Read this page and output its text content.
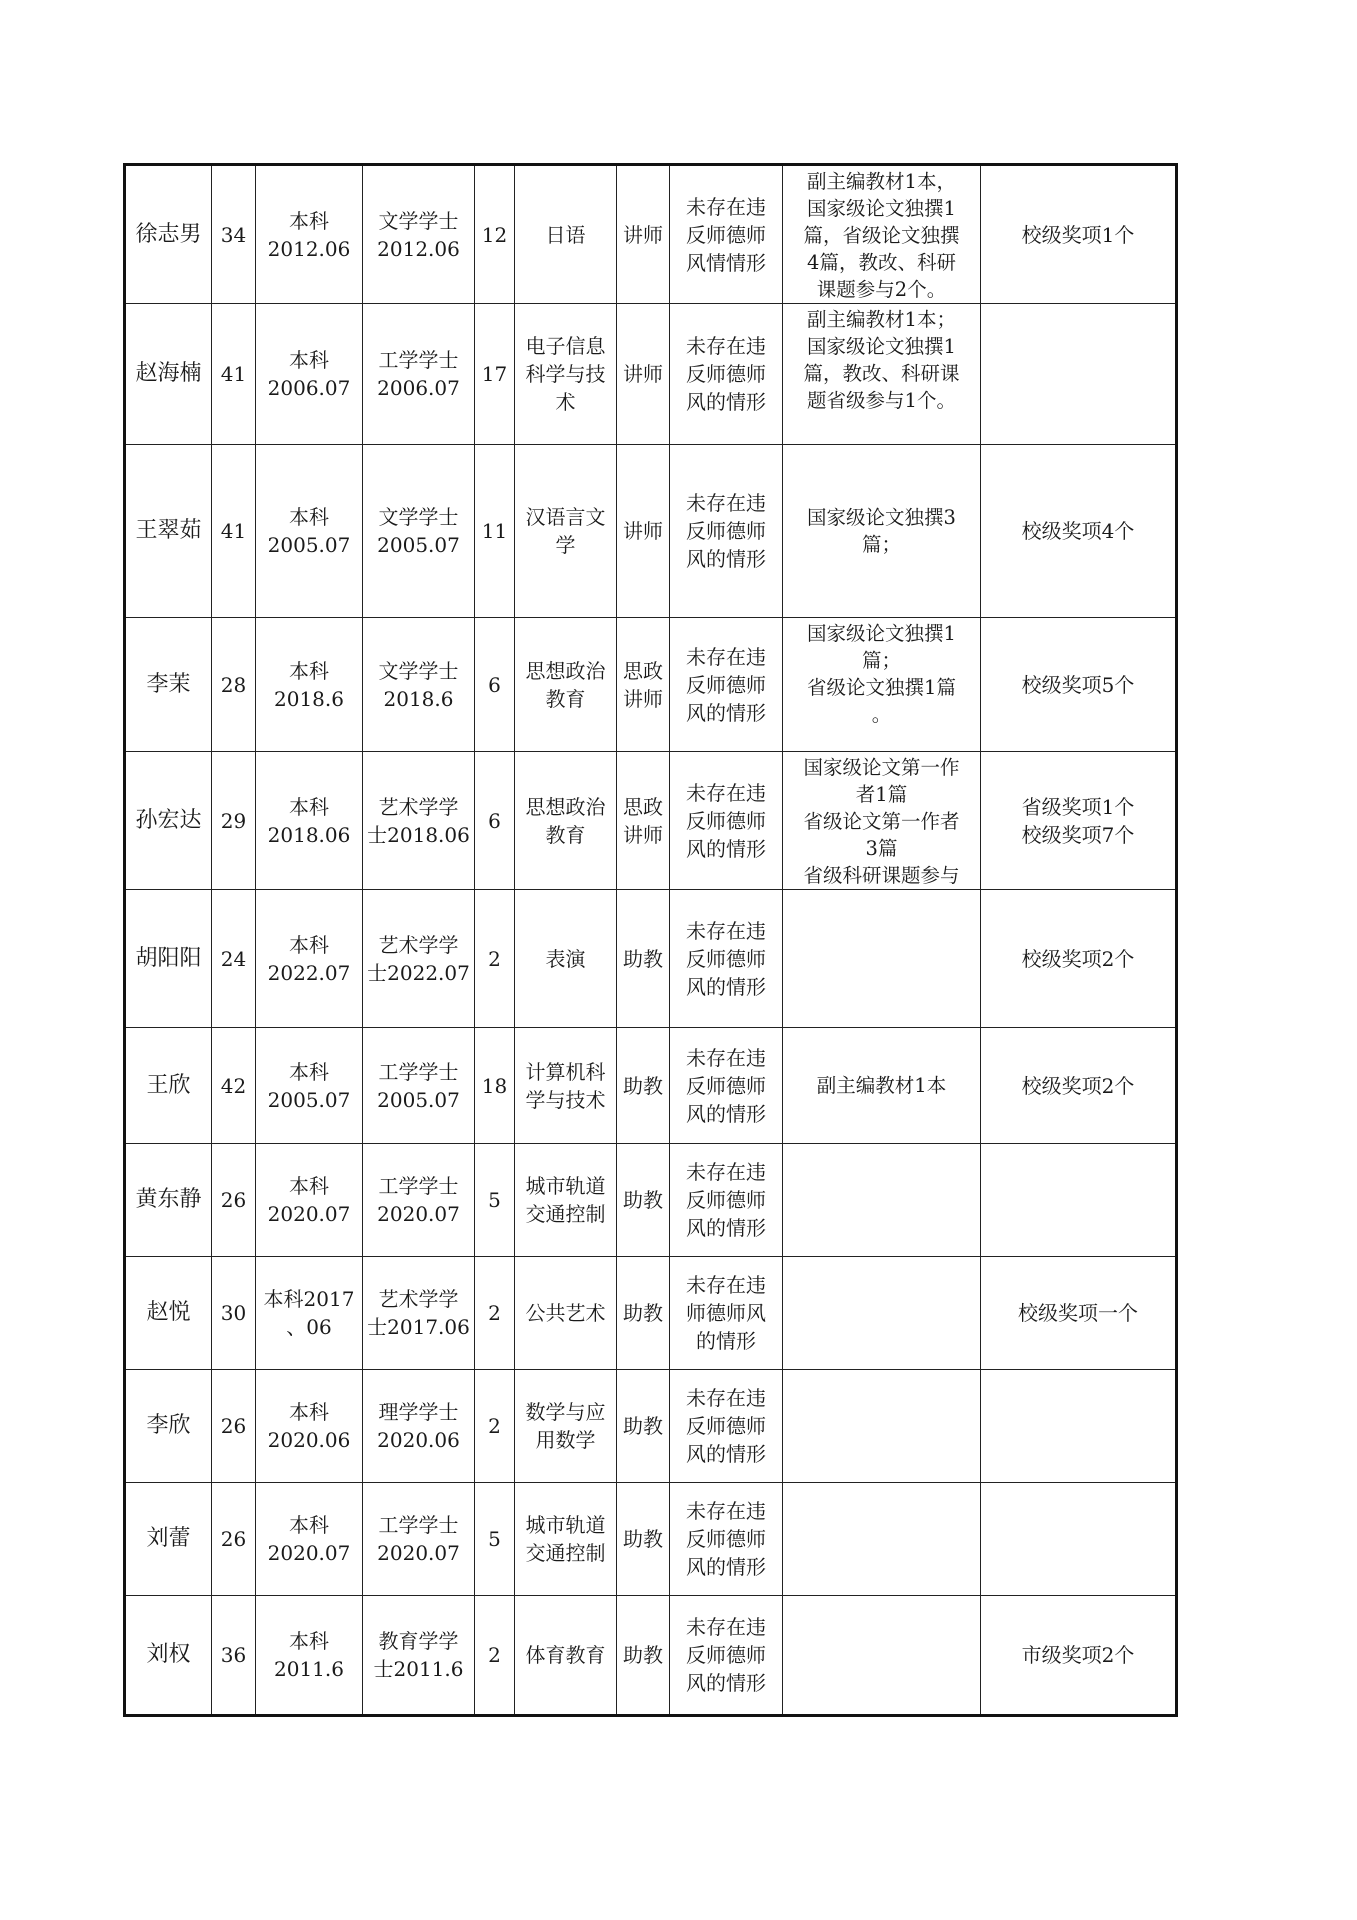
徐志男	34	本科
2012.06	文学学士
2012.06	12	日语	讲师	未存在违
反师德师
风情情形	副主编教材1本，
国家级论文独撰1
篇，省级论文独撰
4篇，教改、科研
课题参与2个。	校级奖项1个

赵海楠	41	本科
2006.07	工学学士
2006.07	17	电子信息
科学与技
术	讲师	未存在违
反师德师
风的情形	副主编教材1本；
国家级论文独撰1
篇，教改、科研课
题省级参与1个。	

王翠茹	41	本科
2005.07	文学学士
2005.07	11	汉语言文
学	讲师	未存在违
反师德师
风的情形	国家级论文独撰3
篇；	校级奖项4个

李茉	28	本科
2018.6	文学学士
2018.6	6	思想政治
教育	思政
讲师	未存在违
反师德师
风的情形	国家级论文独撰1
篇；
省级论文独撰1篇
。	校级奖项5个

孙宏达	29	本科
2018.06	艺术学学
士2018.06	6	思想政治
教育	思政
讲师	未存在违
反师德师
风的情形	国家级论文第一作
者1篇
省级论文第一作者
3篇
省级科研课题参与	省级奖项1个
校级奖项7个

胡阳阳	24	本科
2022.07	艺术学学
士2022.07	2	表演	助教	未存在违
反师德师
风的情形		校级奖项2个

王欣	42	本科
2005.07	工学学士
2005.07	18	计算机科
学与技术	助教	未存在违
反师德师
风的情形	副主编教材1本	校级奖项2个

黄东静	26	本科
2020.07	工学学士
2020.07	5	城市轨道
交通控制	助教	未存在违
反师德师
风的情形		

赵悦	30	本科2017
、06	艺术学学
士2017.06	2	公共艺术	助教	未存在违
师德师风
的情形		校级奖项一个

李欣	26	本科
2020.06	理学学士
2020.06	2	数学与应
用数学	助教	未存在违
反师德师
风的情形		

刘蕾	26	本科
2020.07	工学学士
2020.07	5	城市轨道
交通控制	助教	未存在违
反师德师
风的情形		

刘权	36	本科
2011.6	教育学学
士2011.6	2	体育教育	助教	未存在违
反师德师
风的情形		市级奖项2个
